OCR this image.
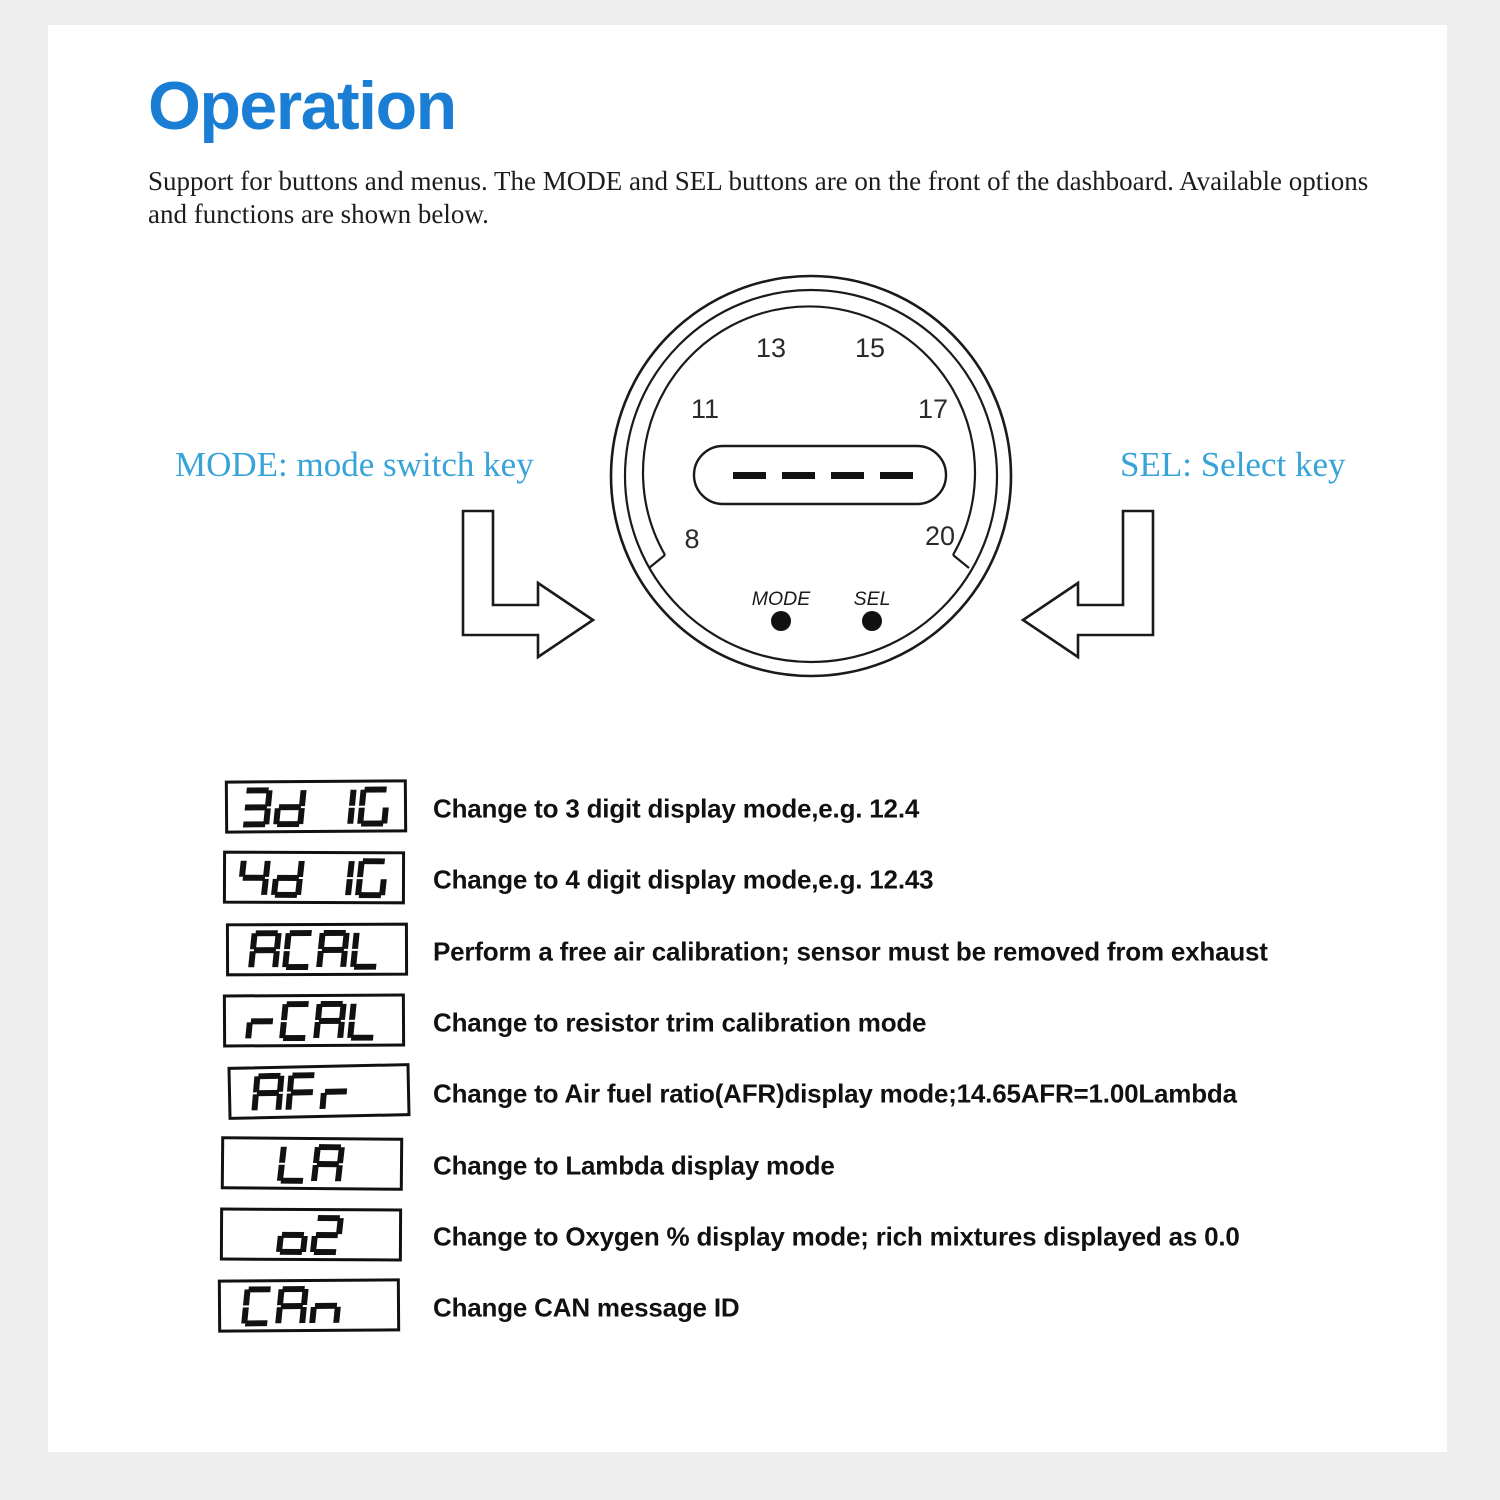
Operation
Support for buttons and menus. The MODE and SEL buttons are on the front of the dashboard. Available options
and functions are shown below.
MODE: mode switch key	SEL: Select key
13	15
11	17
8	20
MODE SEL
Change to 3 digit display mode,e.g. 12.4
Change to 4 digit display mode,e.g. 12.43
Perform a free air calibration; sensor must be removed from exhaust
Change to resistor trim calibration mode
Change to Air fuel ratio(AFR)display mode;14.65AFR=1.00Lambda
Change to Lambda display mode
Change to Oxygen % display mode; rich mixtures displayed as 0.0
Change CAN message ID
